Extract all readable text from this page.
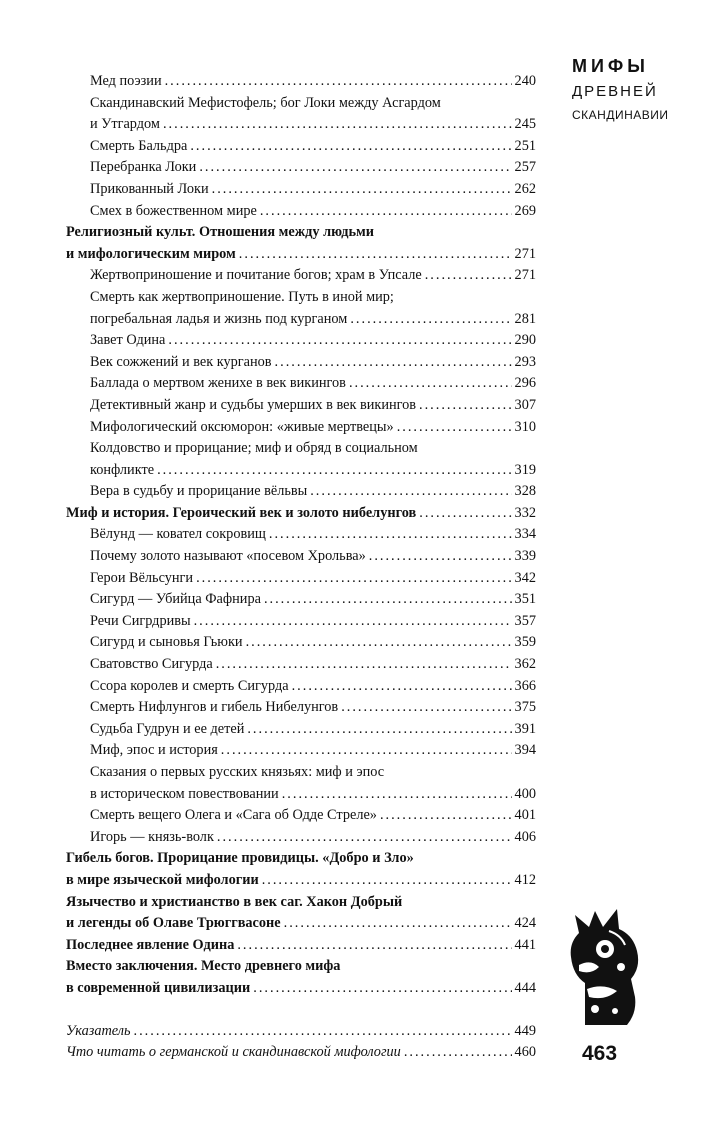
Мед поэзии .....	240
Скандинавский Мефистофель; бог Локи между Асгардом
и Утгардом .....	245
Смерть Бальдра .....	251
Перебранка Локи .....	257
Прикованный Локи .....	262
Смех в божественном мире .....	269
Религиозный культ. Отношения между людьми
и мифологическим миром .....	271
Жертвоприношение и почитание богов; храм в Упсале .....	271
Смерть как жертвоприношение. Путь в иной мир;
погребальная ладья и жизнь под курганом .....	281
Завет Одина .....	290
Век сожжений и век курганов .....	293
Баллада о мертвом женихе в век викингов .....	296
Детективный жанр и судьбы умерших в век викингов .....	307
Мифологический оксюморон: «живые мертвецы» .....	310
Колдовство и прорицание; миф и обряд в социальном
конфликте .....	319
Вера в судьбу и прорицание вёльвы .....	328
Миф и история. Героический век и золото нибелунгов .....	332
Вёлунд — ковател сокровищ .....	334
Почему золото называют «посевом Хрольва» .....	339
Герои Вёльсунги .....	342
Сигурд — Убийца Фафнира .....	351
Речи Сигрдривы .....	357
Сигурд и сыновья Гьюки .....	359
Сватовство Сигурда .....	362
Ссора королев и смерть Сигурда .....	366
Смерть Нифлунгов и гибель Нибелунгов .....	375
Судьба Гудрун и ее детей .....	391
Миф, эпос и история .....	394
Сказания о первых русских князьях: миф и эпос
в историческом повествовании .....	400
Смерть вещего Олега и «Сага об Одде Стреле» .....	401
Игорь — князь-волк .....	406
Гибель богов. Прорицание провидицы. «Добро и Зло»
в мире языческой мифологии .....	412
Язычество и христианство в век саг. Хакон Добрый
и легенды об Олаве Трюггвасоне .....	424
Последнее явление Одина .....	441
Вместо заключения. Место древнего мифа
в современной цивилизации .....	444
Указатель .....	449
Что читать о германской и скандинавской мифологии .....	460
МИФЫ
ДРЕВНЕЙ
СКАНДИНАВИИ
463
